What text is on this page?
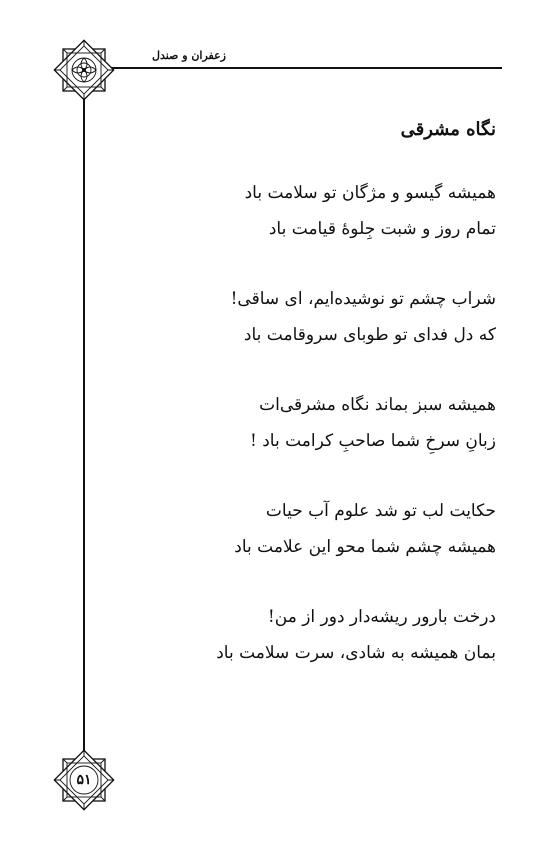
زعفران و صندل
نگاه مشرقی
همیشه گیسو و مژگان تو سلامت باد
تمام روز و شبت جِلوهٔ قیامت باد
شراب چشم تو نوشیده‌ایم، ای ساقی!
که دل فدای تو طوبای سروقامت باد
همیشه سبز بماند نگاه مشرقی‌ات
زبانِ سرخِ شما صاحبِ کرامت باد !
حکایت لب تو شد علوم آب حیات
همیشه چشم شما محو این علامت باد
درخت بارور ریشه‌دار دور از من!
بمان همیشه به شادی، سرت سلامت باد
۵۱
